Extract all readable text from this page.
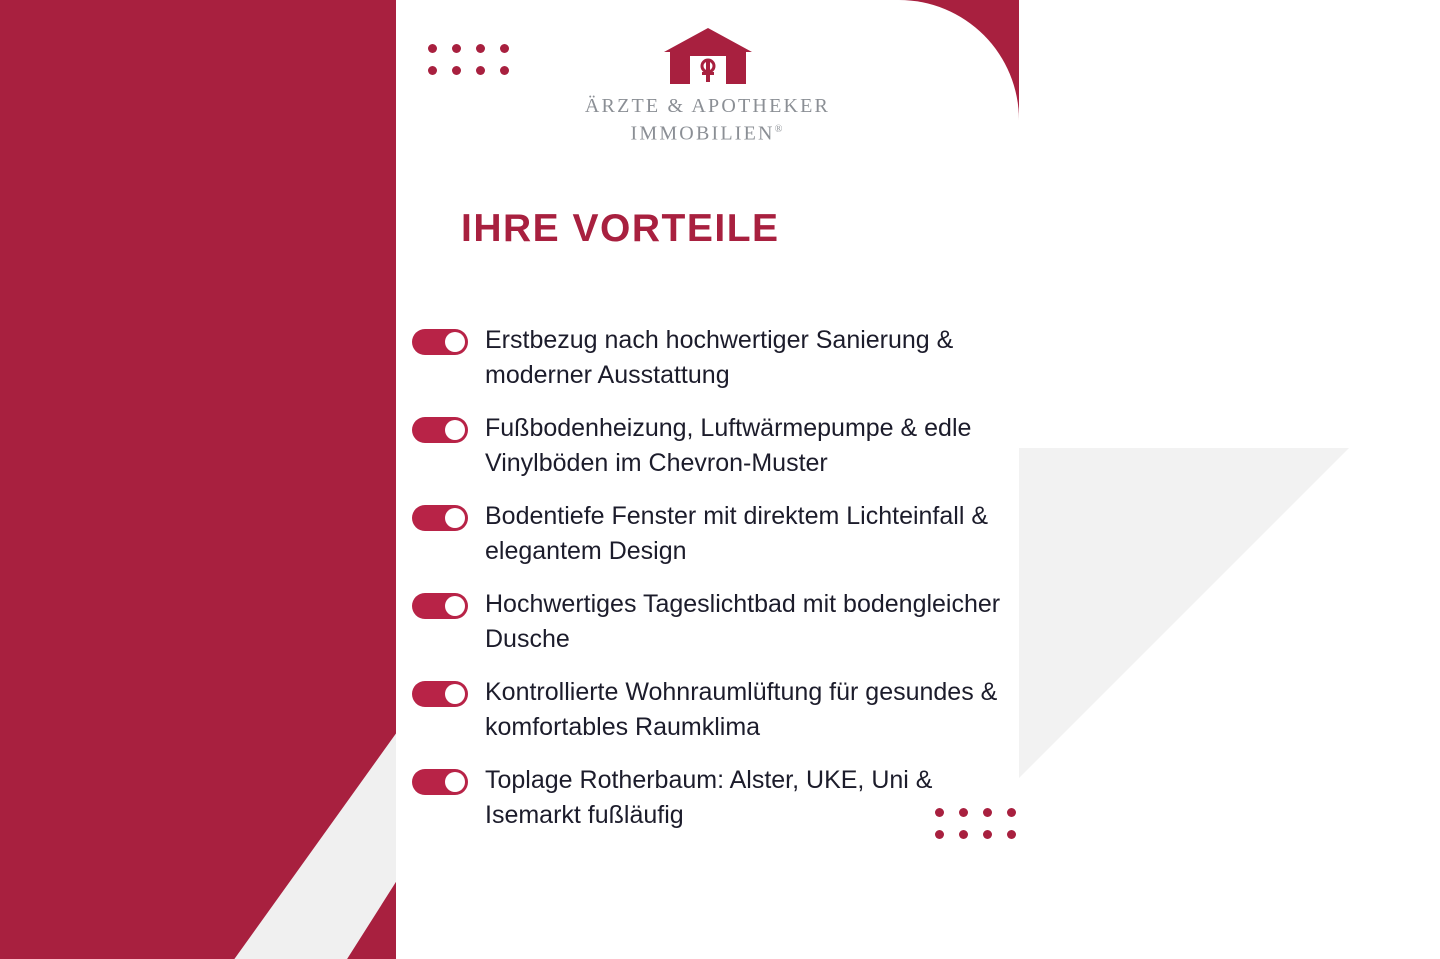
ÄRZTE & APOTHEKER
IMMOBILIEN®
IHRE VORTEILE
Erstbezug nach hochwertiger Sanierung & moderner Ausstattung
Fußbodenheizung, Luftwärmepumpe & edle Vinylböden im Chevron-Muster
Bodentiefe Fenster mit direktem Lichteinfall & elegantem Design
Hochwertiges Tageslichtbad mit bodengleicher Dusche
Kontrollierte Wohnraumlüftung für gesundes & komfortables Raumklima
Toplage Rotherbaum: Alster, UKE, Uni & Isemarkt fußläufig
